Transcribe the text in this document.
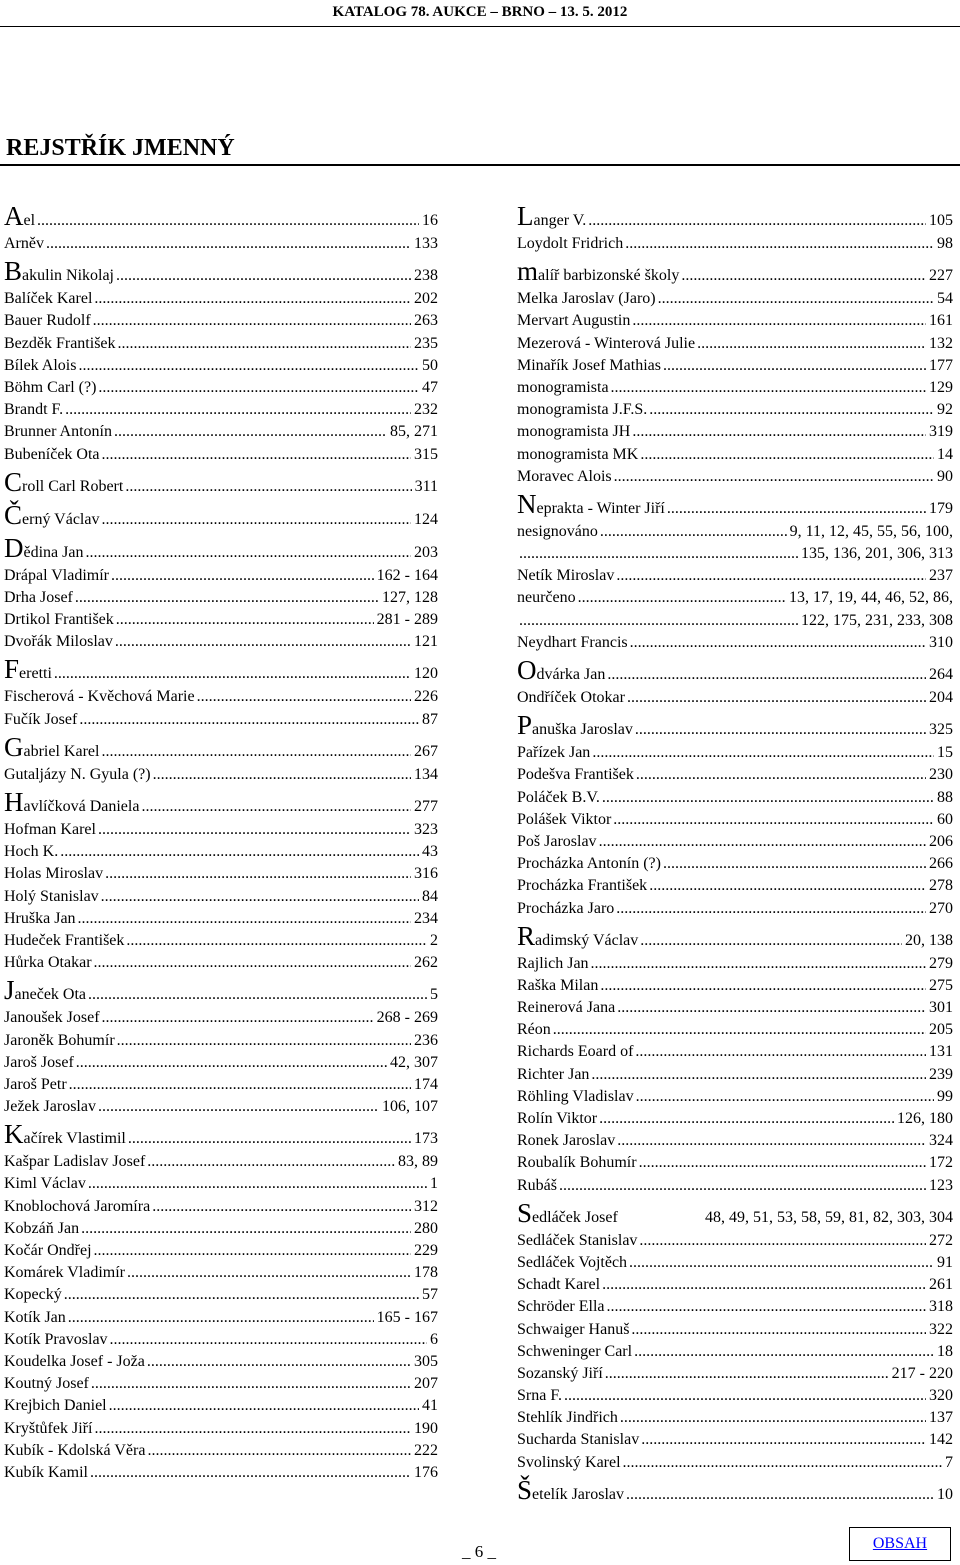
KATALOG 78. AUKCE – BRNO – 13. 5. 2012
REJSTŘÍK JMENNÝ
Ael .....	16
Arněv .....	133
Bakulin Nikolaj .....	238
Balíček Karel .....	202
Bauer Rudolf .....	263
Bezděk František .....	235
Bílek Alois .....	50
Böhm Carl (?) .....	47
Brandt F. .....	232
Brunner Antonín .....	85, 271
Bubeníček Ota .....	315
Croll Carl Robert .....	311
Černý Václav .....	124
Dědina Jan .....	203
Drápal Vladimír .....	162 - 164
Drha Josef .....	127, 128
Drtikol František .....	281 - 289
Dvořák Miloslav .....	121
Feretti .....	120
Fischerová - Kvěchová Marie .....	226
Fučík Josef .....	87
Gabriel Karel .....	267
Gutaljázy N. Gyula (?) .....	134
Havlíčková Daniela .....	277
Hofman Karel .....	323
Hoch K. .....	43
Holas Miroslav .....	316
Holý Stanislav .....	84
Hruška Jan .....	234
Hudeček František .....	2
Hůrka Otakar .....	262
Janeček Ota .....	5
Janoušek Josef .....	268 - 269
Jaroněk Bohumír .....	236
Jaroš Josef .....	42, 307
Jaroš Petr .....	174
Ježek Jaroslav .....	106, 107
Kačírek Vlastimil .....	173
Kašpar Ladislav Josef .....	83, 89
Kiml Václav .....	1
Knoblochová Jaromíra .....	312
Kobzáň Jan .....	280
Kočár Ondřej .....	229
Komárek Vladimír .....	178
Kopecký .....	57
Kotík Jan .....	165 - 167
Kotík Pravoslav .....	6
Koudelka Josef - Joža .....	305
Koutný Josef .....	207
Krejbich Daniel .....	41
Kryštůfek Jiří .....	190
Kubík - Kdolská Věra .....	222
Kubík Kamil .....	176
Langer V. .....	105
Loydolt Fridrich .....	98
malíř barbizonské školy .....	227
Melka Jaroslav (Jaro) .....	54
Mervart Augustin .....	161
Mezerová - Winterová Julie .....	132
Minařík Josef Mathias .....	177
monogramista .....	129
monogramista J.F.S. .....	92
monogramista JH .....	319
monogramista MK .....	14
Moravec Alois .....	90
Neprakta - Winter Jiří .....	179
nesignováno .....	9, 11, 12, 45, 55, 56, 100,
.....
135, 136, 201, 306, 313
Netík Miroslav .....	237
neurčeno .....	13, 17, 19, 44, 46, 52, 86,
.....
122, 175, 231, 233, 308
Neydhart Francis .....	310
Odvárka Jan .....	264
Ondříček Otokar .....	204
Panuška Jaroslav .....	325
Pařízek Jan .....	15
Podešva František .....	230
Poláček B.V. .....	88
Polášek Viktor .....	60
Poš Jaroslav .....	206
Procházka Antonín (?) .....	266
Procházka František .....	278
Procházka Jaro .....	270
Radimský Václav .....	20, 138
Rajlich Jan .....	279
Raška Milan .....	275
Reinerová Jana .....	301
Réon .....	205
Richards Eoard of .....	131
Richter Jan .....	239
Röhling Vladislav .....	99
Rolín Viktor .....	126, 180
Ronek Jaroslav .....	324
Roubalík Bohumír .....	172
Rubáš .....	123
Sedláček Josef	48, 49, 51, 53, 58, 59, 81, 82, 303, 304
Sedláček Stanislav .....	272
Sedláček Vojtěch .....	91
Schadt Karel .....	261
Schröder Ella .....	318
Schwaiger Hanuš .....	322
Schweninger Carl .....	18
Sozanský Jiří .....	217 - 220
Srna F. .....	320
Stehlík Jindřich .....	137
Sucharda Stanislav .....	142
Svolinský Karel .....	7
Šetelík Jaroslav .....	10
_ 6 _	OBSAH
